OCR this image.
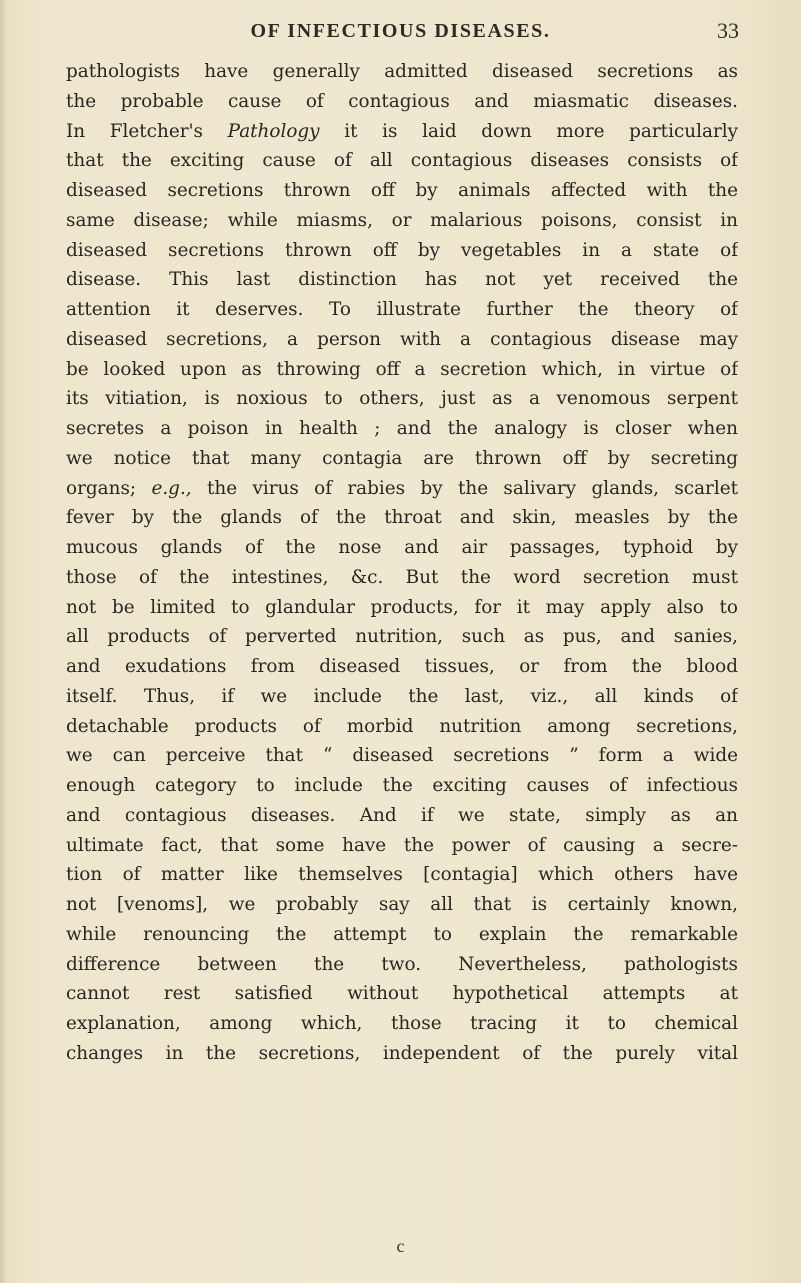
OF INFECTIOUS DISEASES.	33
pathologists have generally admitted diseased secretions as
the probable cause of contagious and miasmatic diseases.
In Fletcher's Pathology it is laid down more particularly
that the exciting cause of all contagious diseases consists of
diseased secretions thrown off by animals affected with the
same disease; while miasms, or malarious poisons, consist in
diseased secretions thrown off by vegetables in a state of
disease. This last distinction has not yet received the
attention it deserves. To illustrate further the theory of
diseased secretions, a person with a contagious disease may
be looked upon as throwing off a secretion which, in virtue of
its vitiation, is noxious to others, just as a venomous serpent
secretes a poison in health ; and the analogy is closer when
we notice that many contagia are thrown off by secreting
organs; e.g., the virus of rabies by the salivary glands, scarlet
fever by the glands of the throat and skin, measles by the
mucous glands of the nose and air passages, typhoid by
those of the intestines, &c. But the word secretion must
not be limited to glandular products, for it may apply also to
all products of perverted nutrition, such as pus, and sanies,
and exudations from diseased tissues, or from the blood
itself. Thus, if we include the last, viz., all kinds of
detachable products of morbid nutrition among secretions,
we can perceive that “ diseased secretions ” form a wide
enough category to include the exciting causes of infectious
and contagious diseases. And if we state, simply as an
ultimate fact, that some have the power of causing a secre-
tion of matter like themselves [contagia] which others have
not [venoms], we probably say all that is certainly known,
while renouncing the attempt to explain the remarkable
difference between the two. Nevertheless, pathologists
cannot rest satisfied without hypothetical attempts at
explanation, among which, those tracing it to chemical
changes in the secretions, independent of the purely vital
c
